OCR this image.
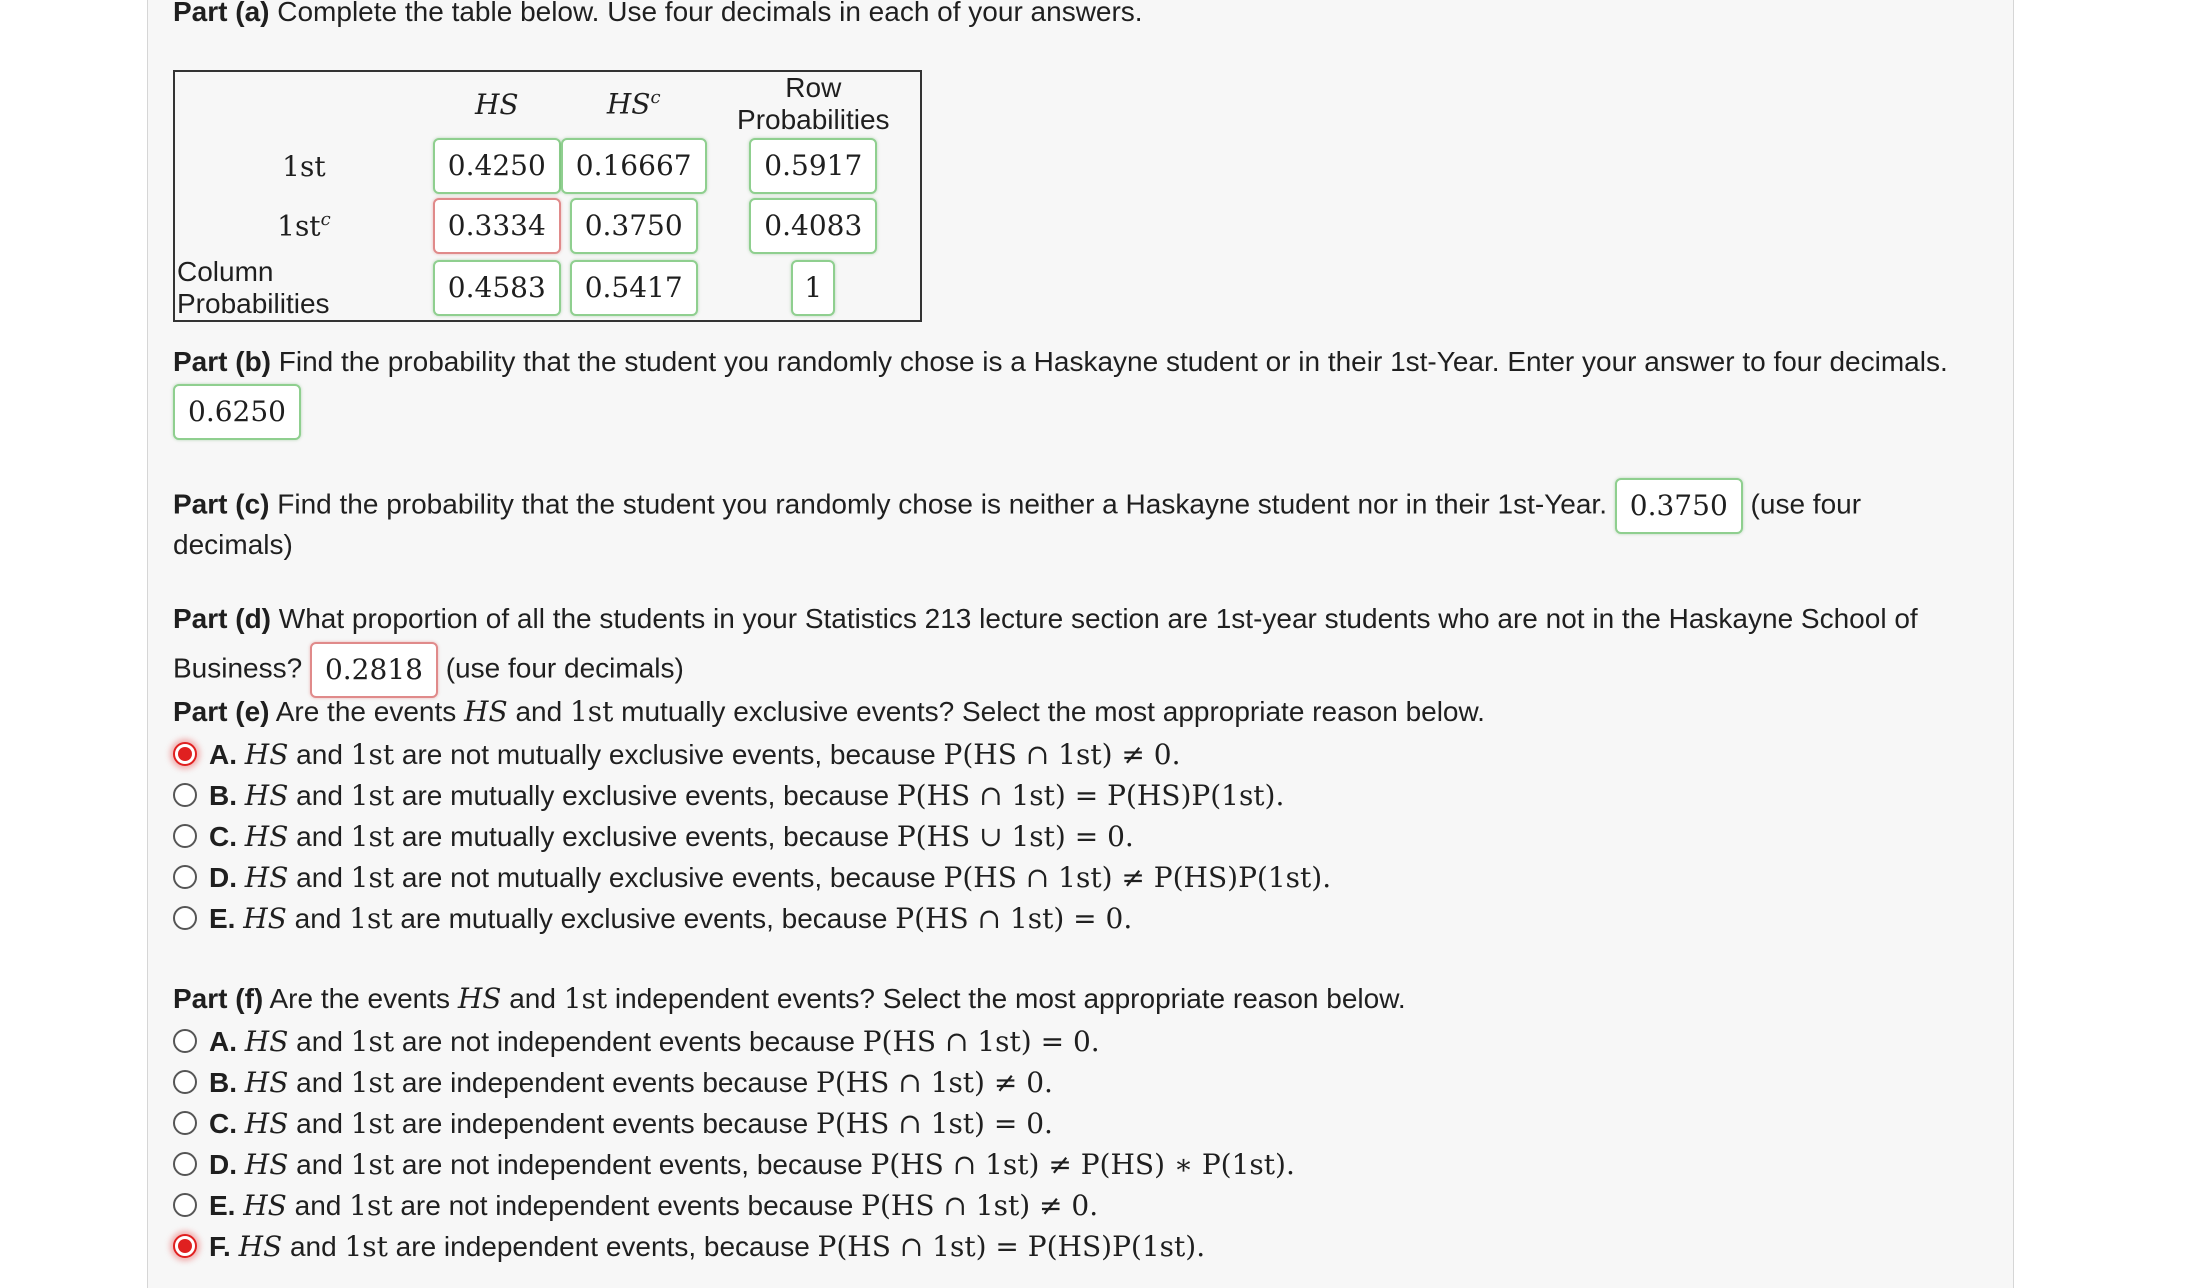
Part (a) Complete the table below. Use four decimals in each of your answers.
	HS	$HS^c$	Row Probabilities
1st	0.4250	0.16667	0.5917
$1st^c$	0.3334	0.3750	0.4083
Column Probabilities	0.4583	0.5417	1
Part (b) Find the probability that the student you randomly chose is a Haskayne student or in their 1st-Year. Enter your answer to four decimals.
0.6250
Part (c) Find the probability that the student you randomly chose is neither a Haskayne student nor in their 1st-Year. 0.3750 (use four
decimals)
Part (d) What proportion of all the students in your Statistics 213 lecture section are 1st-year students who are not in the Haskayne School of
Business? 0.2818 (use four decimals)
Part (e) Are the events HS and 1st mutually exclusive events? Select the most appropriate reason below.
A. HS and 1st are not mutually exclusive events, because P(HS ∩ 1st) ≠ 0.
B. HS and 1st are mutually exclusive events, because P(HS ∩ 1st) = P(HS)P(1st).
C. HS and 1st are mutually exclusive events, because P(HS ∪ 1st) = 0.
D. HS and 1st are not mutually exclusive events, because P(HS ∩ 1st) ≠ P(HS)P(1st).
E. HS and 1st are mutually exclusive events, because P(HS ∩ 1st) = 0.
Part (f) Are the events HS and 1st independent events? Select the most appropriate reason below.
A. HS and 1st are not independent events because P(HS ∩ 1st) = 0.
B. HS and 1st are independent events because P(HS ∩ 1st) ≠ 0.
C. HS and 1st are independent events because P(HS ∩ 1st) = 0.
D. HS and 1st are not independent events, because P(HS ∩ 1st) ≠ P(HS) ∗ P(1st).
E. HS and 1st are not independent events because P(HS ∩ 1st) ≠ 0.
F. HS and 1st are independent events, because P(HS ∩ 1st) = P(HS)P(1st).
